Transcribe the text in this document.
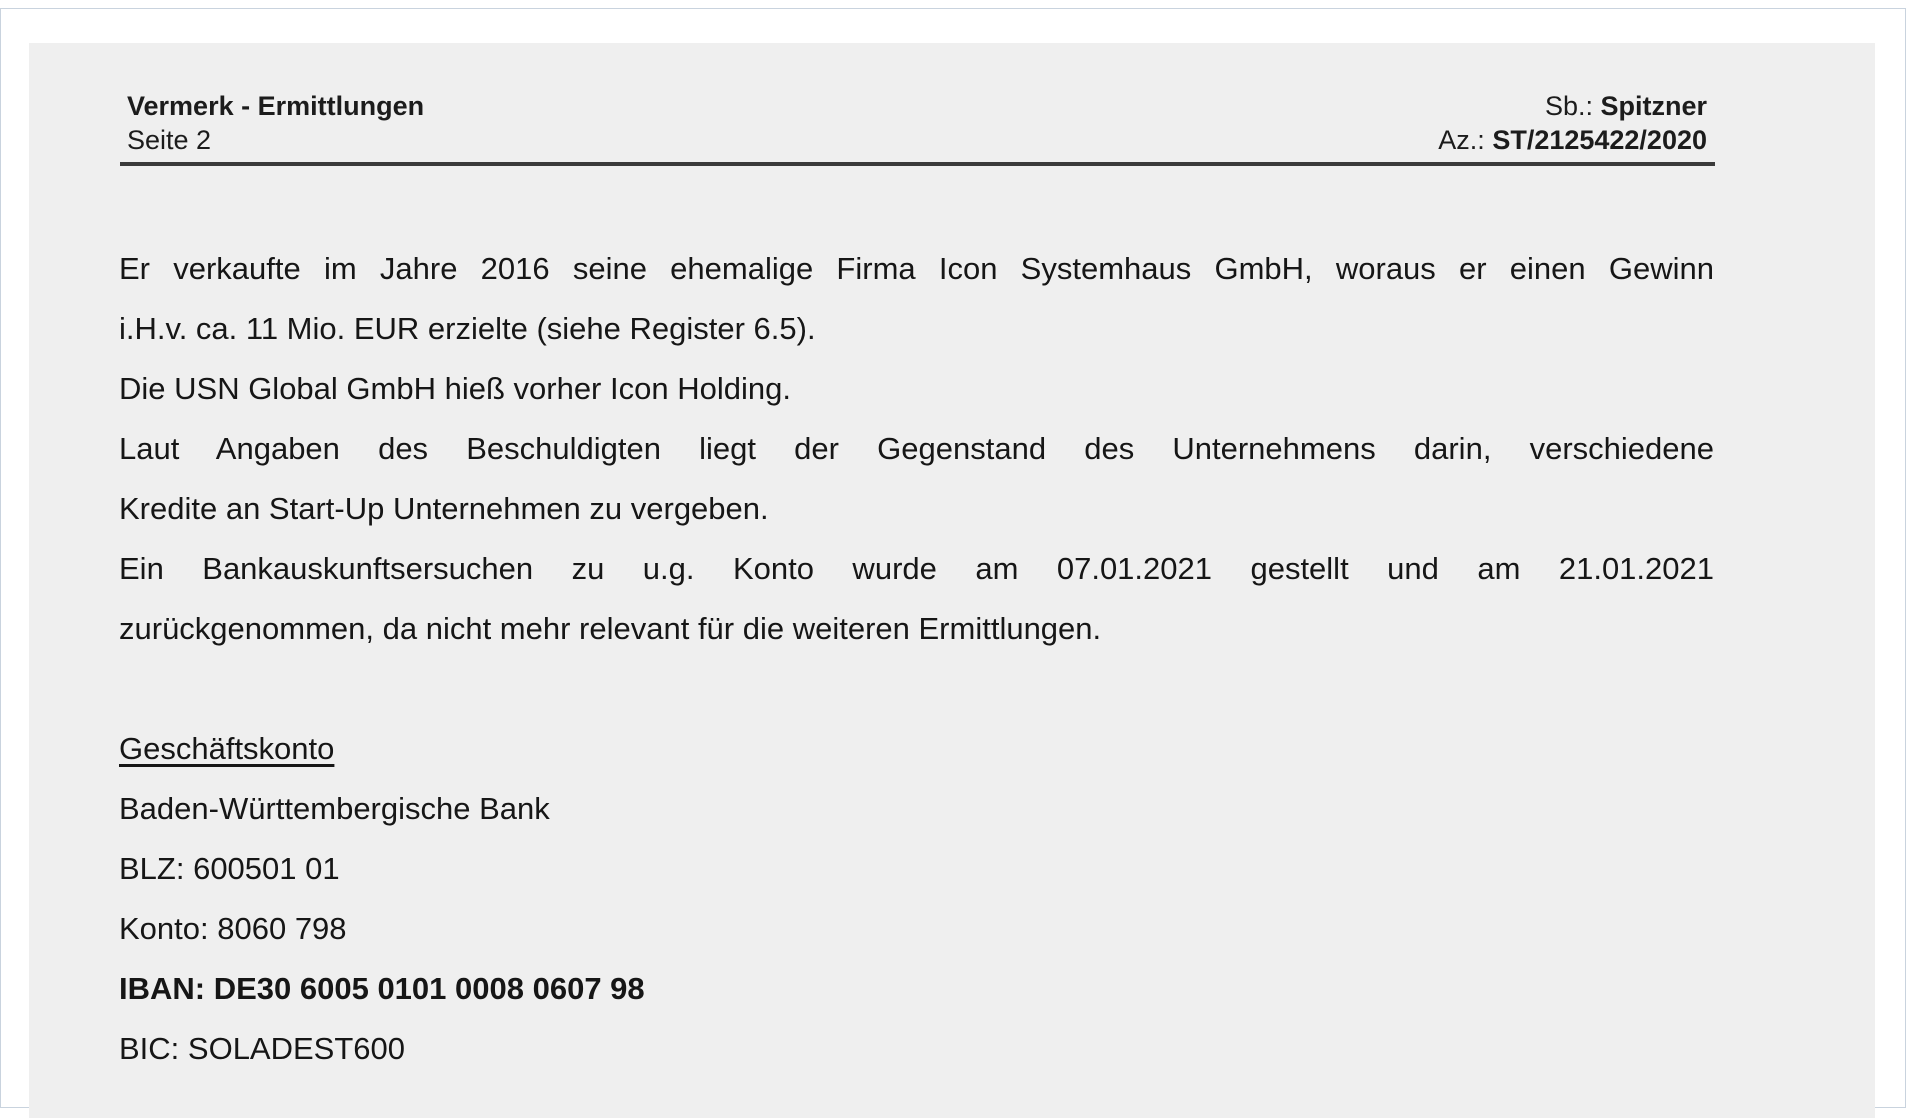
Vermerk - Ermittlungen
Seite 2
Sb.: Spitzner
Az.: ST/2125422/2020
Er verkaufte im Jahre 2016 seine ehemalige Firma Icon Systemhaus GmbH, woraus er einen Gewinn
i.H.v. ca. 11 Mio. EUR erzielte (siehe Register 6.5).
Die USN Global GmbH hieß vorher Icon Holding.
Laut Angaben des Beschuldigten liegt der Gegenstand des Unternehmens darin, verschiedene
Kredite an Start-Up Unternehmen zu vergeben.
Ein Bankauskunftsersuchen zu u.g. Konto wurde am 07.01.2021 gestellt und am 21.01.2021
zurückgenommen, da nicht mehr relevant für die weiteren Ermittlungen.
Geschäftskonto
Baden-Württembergische Bank
BLZ: 600501 01
Konto: 8060 798
IBAN: DE30 6005 0101 0008 0607 98
BIC: SOLADEST600
